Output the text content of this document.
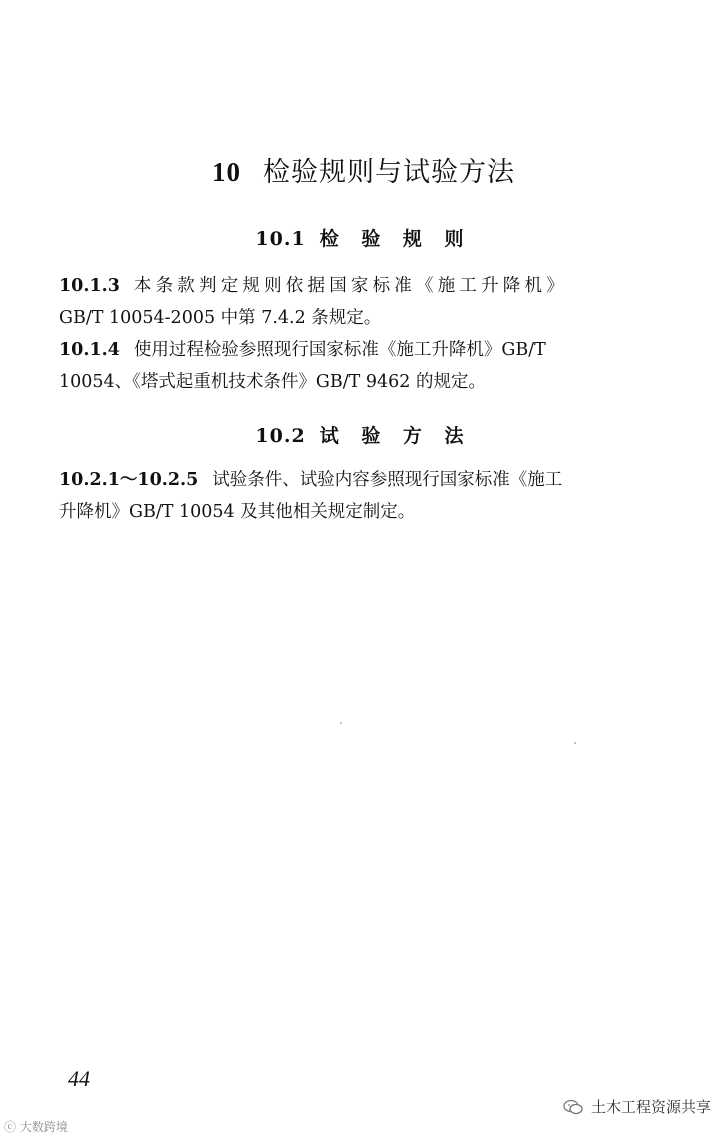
10 检验规则与试验方法
10.1 检 验 规 则
10.1.3 本条款判定规则依据国家标准《施工升降机》
GB/T 10054-2005 中第 7.4.2 条规定。
10.1.4 使用过程检验参照现行国家标准《施工升降机》GB/T
10054、《塔式起重机技术条件》GB/T 9462 的规定。
10.2 试 验 方 法
10.2.1～10.2.5 试验条件、试验内容参照现行国家标准《施工
升降机》GB/T 10054 及其他相关规定制定。
44
ⓒ 大数跨境
土木工程资源共享
